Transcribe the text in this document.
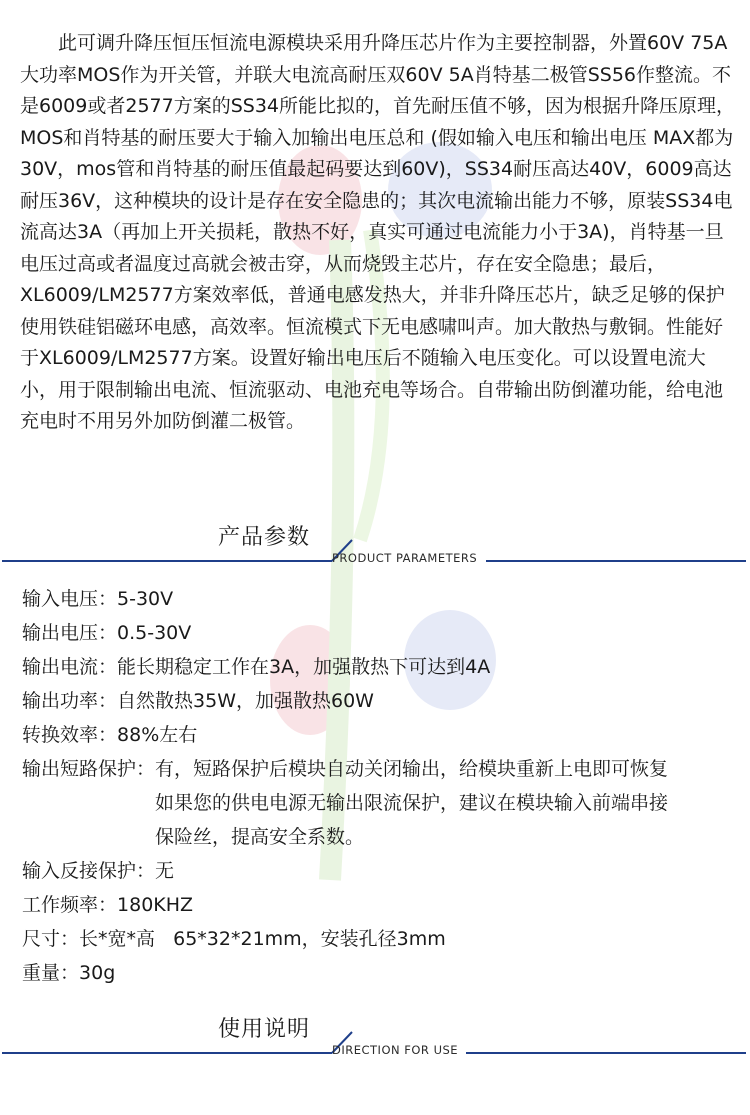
此可调升降压恒压恒流电源模块采用升降压芯片作为主要控制器，外置60V 75A大功率MOS作为开关管，并联大电流高耐压双60V 5A肖特基二极管SS56作整流。不是6009或者2577方案的SS34所能比拟的，首先耐压值不够，因为根据升降压原理，MOS和肖特基的耐压要大于输入加输出电压总和 (假如输入电压和输出电压 MAX都为30V，mos管和肖特基的耐压值最起码要达到60V)，SS34耐压高达40V，6009高达耐压36V，这种模块的设计是存在安全隐患的；其次电流输出能力不够，原装SS34电流高达3A（再加上开关损耗，散热不好，真实可通过电流能力小于3A)，肖特基一旦电压过高或者温度过高就会被击穿，从而烧毁主芯片，存在安全隐患；最后，XL6009/LM2577方案效率低，普通电感发热大，并非升降压芯片，缺乏足够的保护

使用铁硅铝磁环电感，高效率。恒流模式下无电感啸叫声。加大散热与敷铜。性能好于XL6009/LM2577方案。设置好输出电压后不随输入电压变化。可以设置电流大小，用于限制输出电流、恒流驱动、电池充电等场合。自带输出防倒灌功能，给电池充电时不用另外加防倒灌二极管。

产品参数
PRODUCT PARAMETERS
输入电压： 5-30V
输出电压： 0.5-30V
输出电流： 能长期稳定工作在3A，加强散热下可达到4A
输出功率： 自然散热35W，加强散热60W
转换效率： 88%左右
输出短路保护： 有，短路保护后模块自动关闭输出，给模块重新上电即可恢复
如果您的供电电源无输出限流保护，建议在模块输入前端串接
保险丝，提高安全系数。
输入反接保护： 无
工作频率： 180KHZ
尺寸： 长*宽*高   65*32*21mm，安装孔径3mm
重量： 30g
使用说明
DIRECTION FOR USE
